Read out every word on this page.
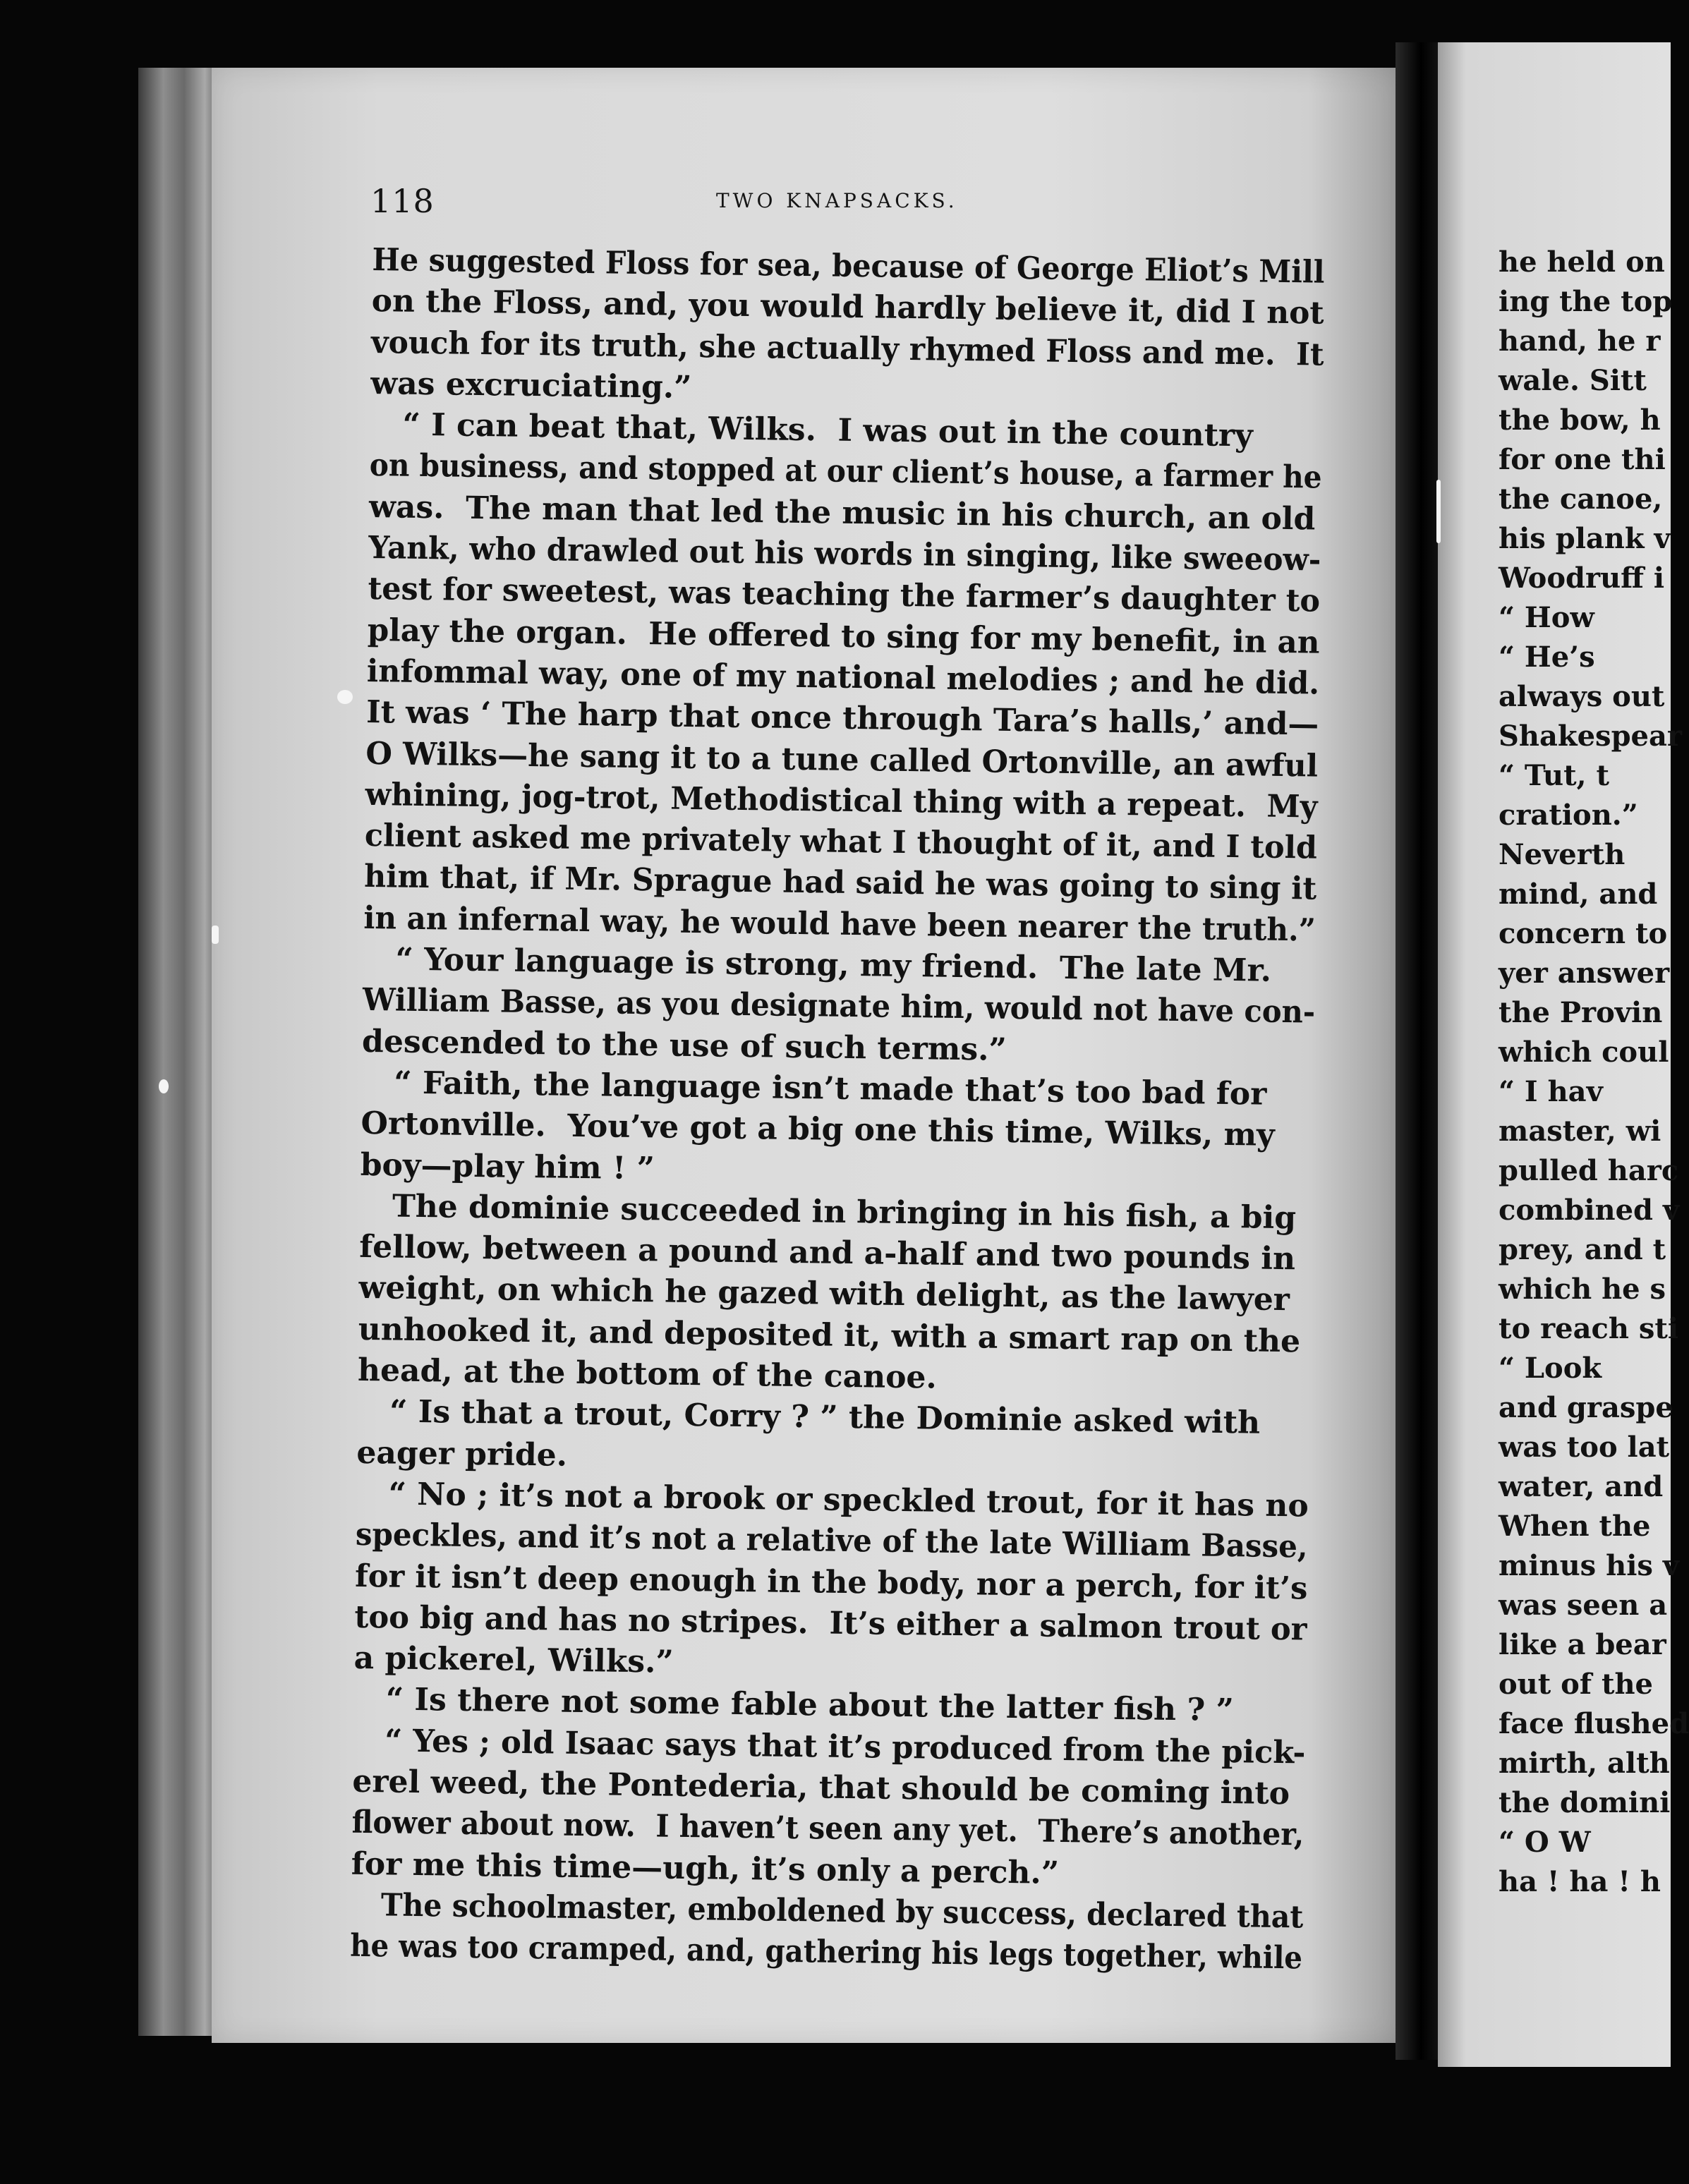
118	TWO KNAPSACKS.

He suggested Floss for sea, because of George Eliot’s Mill

on the Floss, and, you would hardly believe it, did I not

vouch for its truth, she actually rhymed Floss and me.  It

was excruciating.”

“ I can beat that, Wilks.  I was out in the country

on business, and stopped at our client’s house, a farmer he

was.  The man that led the music in his church, an old

Yank, who drawled out his words in singing, like sweeow-

test for sweetest, was teaching the farmer’s daughter to

play the organ.  He offered to sing for my benefit, in an

infommal way, one of my national melodies ; and he did.

It was ‘ The harp that once through Tara’s halls,’ and—

O Wilks—he sang it to a tune called Ortonville, an awful

whining, jog-trot, Methodistical thing with a repeat.  My

client asked me privately what I thought of it, and I told

him that, if Mr. Sprague had said he was going to sing it

in an infernal way, he would have been nearer the truth.”

“ Your language is strong, my friend.  The late Mr.

William Basse, as you designate him, would not have con-

descended to the use of such terms.”

“ Faith, the language isn’t made that’s too bad for

Ortonville.  You’ve got a big one this time, Wilks, my

boy—play him ! ”

The dominie succeeded in bringing in his fish, a big

fellow, between a pound and a-half and two pounds in

weight, on which he gazed with delight, as the lawyer

unhooked it, and deposited it, with a smart rap on the

head, at the bottom of the canoe.

“ Is that a trout, Corry ? ” the Dominie asked with

eager pride.

“ No ; it’s not a brook or speckled trout, for it has no

speckles, and it’s not a relative of the late William Basse,

for it isn’t deep enough in the body, nor a perch, for it’s

too big and has no stripes.  It’s either a salmon trout or

a pickerel, Wilks.”

“ Is there not some fable about the latter fish ? ”

“ Yes ; old Isaac says that it’s produced from the pick-

erel weed, the Pontederia, that should be coming into

flower about now.  I haven’t seen any yet.  There’s another,

for me this time—ugh, it’s only a perch.”

The schoolmaster, emboldened by success, declared that

he was too cramped, and, gathering his legs together, while

he held on

ing the top

hand, he r

wale. Sitt

the bow, h

for one thi

the canoe,

his plank v

Woodruff i

“ How

“ He’s

always out

Shakespear

“ Tut, t

cration.”

Neverth

mind, and

concern to

yer answer

the Provin

which coul

“ I hav

master, wi

pulled harc

combined v

prey, and t

which he s

to reach sti

“ Look

and graspe

was too lat

water, and

When the

minus his v

was seen a

like a bear

out of the

face flushed

mirth, alth

the domini

“ O W

ha ! ha ! h
